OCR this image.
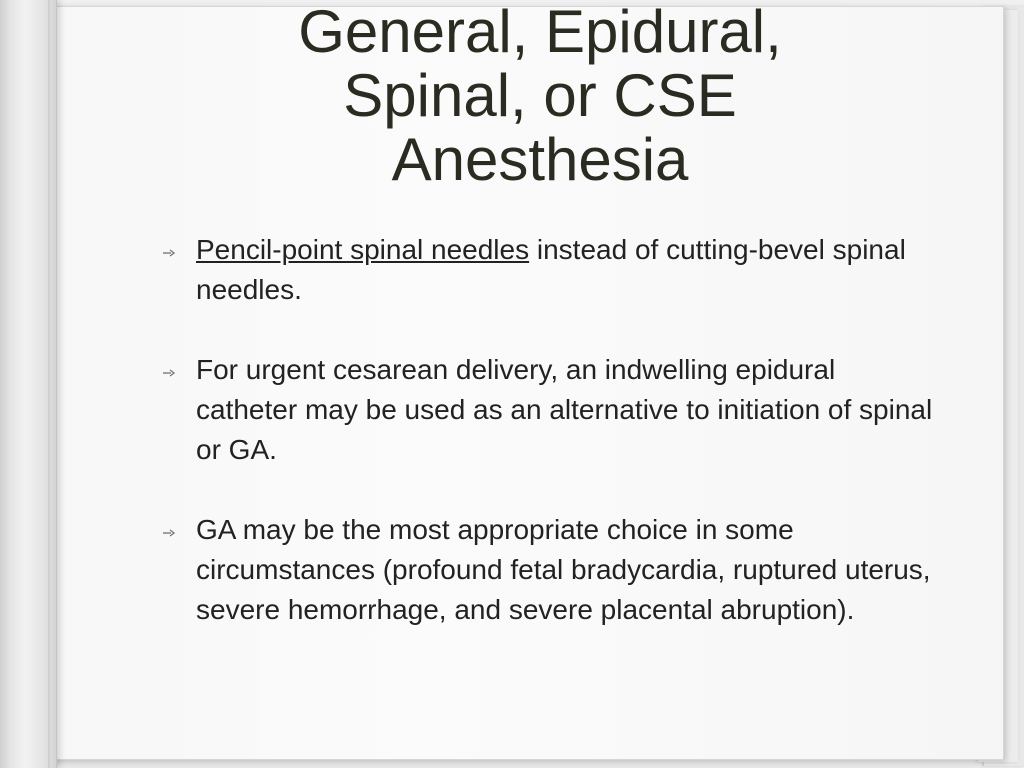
General, Epidural,
Spinal, or CSE
Anesthesia
Pencil-point spinal needles instead of cutting-bevel spinal needles.
For urgent cesarean delivery, an indwelling epidural catheter may be used as an alternative to initiation of spinal or GA.
GA may be the most appropriate choice in some circumstances (profound fetal bradycardia, ruptured uterus, severe hemorrhage, and severe placental abruption).
